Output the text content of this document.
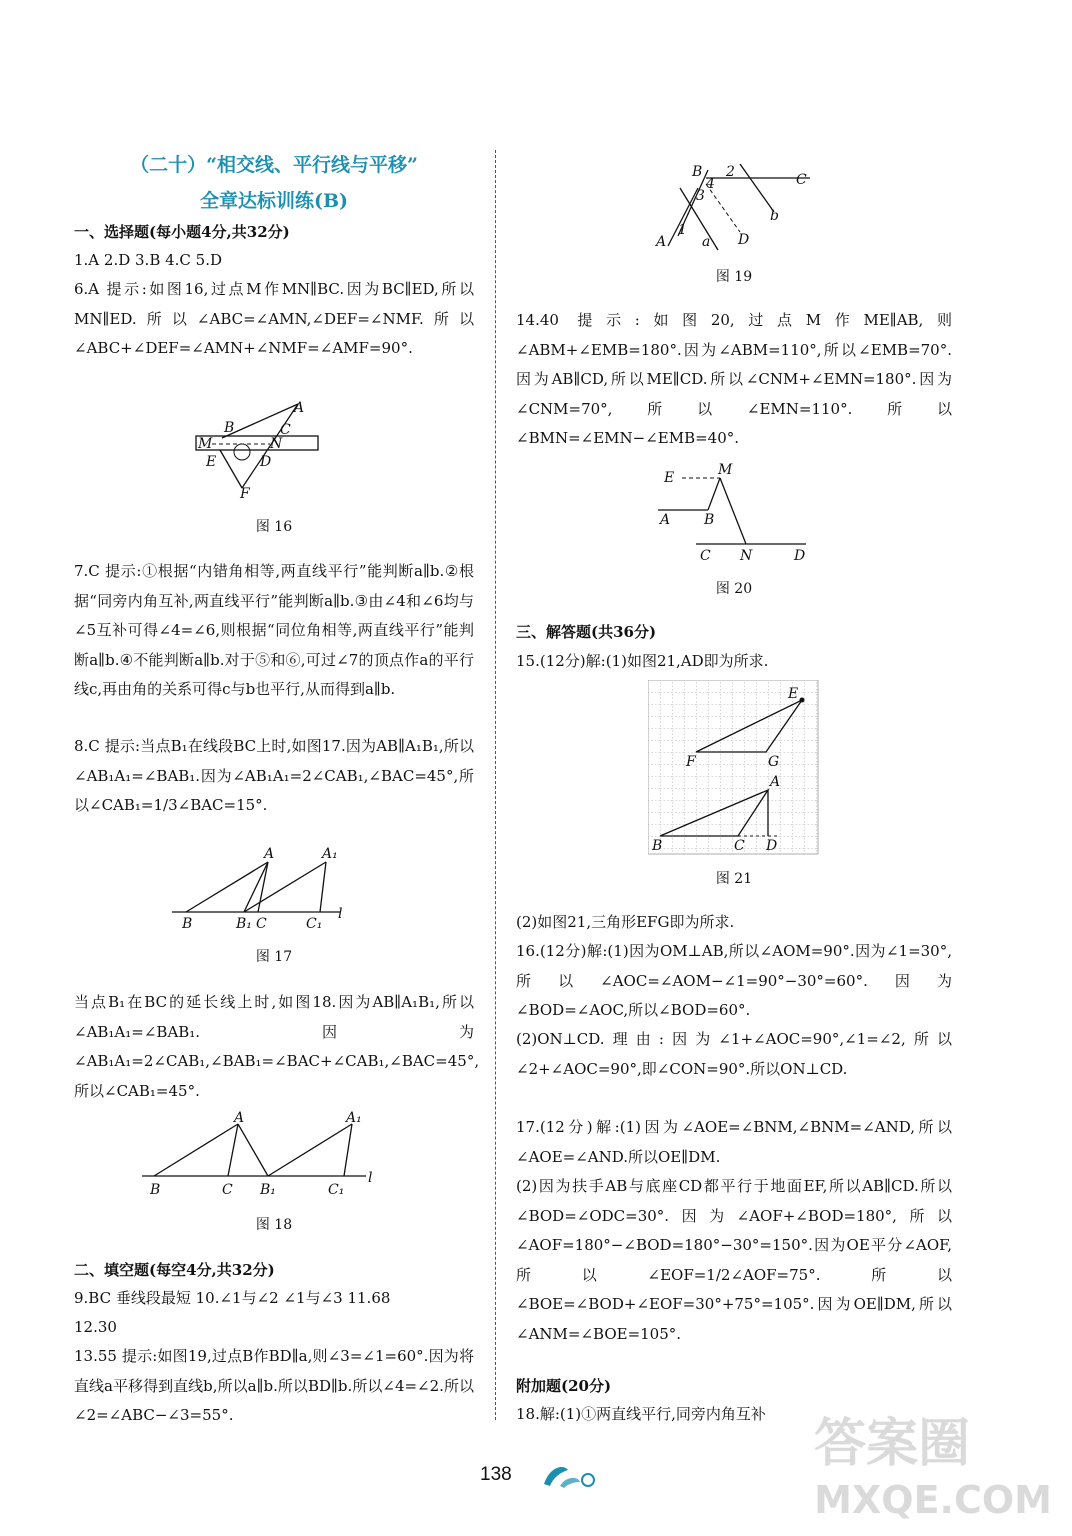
（二十）“相交线、平行线与平移”
全章达标训练(B)
一、选择题(每小题4分,共32分)
1.A 2.D 3.B 4.C 5.D
6.A 提示:如图16,过点M作MN∥BC.因为BC∥ED,所以MN∥ED.所以∠ABC=∠AMN,∠DEF=∠NMF.所以∠ABC+∠DEF=∠AMN+∠NMF=∠AMF=90°.
A
B	C
M	N
E	D
F
图 16
7.C 提示:①根据“内错角相等,两直线平行”能判断a∥b.②根据“同旁内角互补,两直线平行”能判断a∥b.③由∠4和∠6均与∠5互补可得∠4=∠6,则根据“同位角相等,两直线平行”能判断a∥b.④不能判断a∥b.对于⑤和⑥,可过∠7的顶点作a的平行线c,再由角的关系可得c与b也平行,从而得到a∥b.
8.C 提示:当点B₁在线段BC上时,如图17.因为AB∥A₁B₁,所以∠AB₁A₁=∠BAB₁.因为∠AB₁A₁=2∠CAB₁,∠BAC=45°,所以∠CAB₁=1/3∠BAC=15°.
A	A₁
B	B₁ C	C₁
l
图 17
当点B₁在BC的延长线上时,如图18.因为AB∥A₁B₁,所以∠AB₁A₁=∠BAB₁.因为∠AB₁A₁=2∠CAB₁,∠BAB₁=∠BAC+∠CAB₁,∠BAC=45°,所以∠CAB₁=45°.
A	A₁
B	C B₁	C₁
l
图 18
二、填空题(每空4分,共32分)
9.BC 垂线段最短 10.∠1与∠2 ∠1与∠3 11.68
12.30
13.55 提示:如图19,过点B作BD∥a,则∠3=∠1=60°.因为将直线a平移得到直线b,所以a∥b.所以BD∥b.所以∠4=∠2.所以∠2=∠ABC−∠3=55°.
B 2	C
4
3
b
1
A	a D
图 19
14.40 提示:如图20,过点M作ME∥AB,则∠ABM+∠EMB=180°.因为∠ABM=110°,所以∠EMB=70°.因为AB∥CD,所以ME∥CD.所以∠CNM+∠EMN=180°.因为∠CNM=70°,所以∠EMN=110°.所以∠BMN=∠EMN−∠EMB=40°.
E	M
A B
C N	D
图 20
三、解答题(共36分)
15.(12分)解:(1)如图21,AD即为所求.
E
F	G
A
B	C D
图 21
(2)如图21,三角形EFG即为所求.
16.(12分)解:(1)因为OM⊥AB,所以∠AOM=90°.因为∠1=30°,所以∠AOC=∠AOM−∠1=90°−30°=60°.因为∠BOD=∠AOC,所以∠BOD=60°.
(2)ON⊥CD.理由:因为∠1+∠AOC=90°,∠1=∠2,所以∠2+∠AOC=90°,即∠CON=90°.所以ON⊥CD.
17.(12分)解:(1)因为∠AOE=∠BNM,∠BNM=∠AND,所以∠AOE=∠AND.所以OE∥DM.
(2)因为扶手AB与底座CD都平行于地面EF,所以AB∥CD.所以∠BOD=∠ODC=30°.因为∠AOF+∠BOD=180°,所以∠AOF=180°−∠BOD=180°−30°=150°.因为OE平分∠AOF,所以∠EOF=1/2∠AOF=75°.所以∠BOE=∠BOD+∠EOF=30°+75°=105°.因为OE∥DM,所以∠ANM=∠BOE=105°.
附加题(20分)
18.解:(1)①两直线平行,同旁内角互补
138
答案圈
MXQE.COM
